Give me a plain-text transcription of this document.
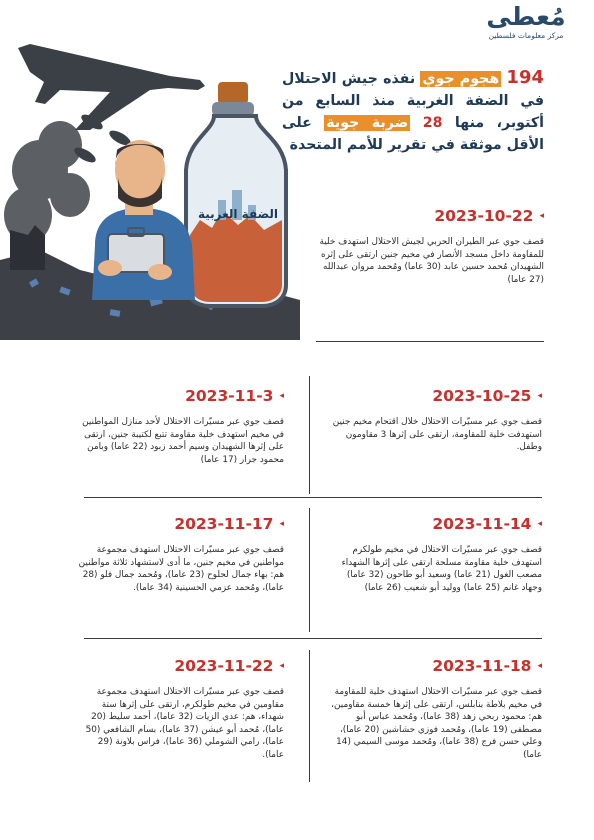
مُعطى
مركز معلومات فلسطين
194 هجوم جوي نفذه جيش الاحتلال في الضفة الغربية منذ السابع من أكتوبر، منها 28 ضربة جوية على الأقل موثقة في تقرير للأمم المتحدة
الضفة الغربية	◂
2023-10-22
قصف جوي عبر الطيران الحربي لجيش الاحتلال استهدف خلية للمقاومة داخل مسجد الأنصار في مخيم جنين ارتقى على إثره الشهيدان مُحمد حسين عابد (30 عاما) ومُحمد مروان عبدالله (27 عاما)
◂
2023-10-25
قصف جوي عبر مسيّرات الاحتلال خلال اقتحام مخيم جنين استهدفت خلية للمقاومة، ارتقى على إثرها 3 مقاومون وطفل.
◂
2023-11-3
قصف جوي عبر مسيّرات الاحتلال لأحد منازل المواطنين في مخيم استهدف خلية مقاومة تتبع لكتيبة جنين، ارتقى على إثرها الشهيدان وسيم أحمد زبود (22 عاما) وبامن محمود جرار (17 عاما)
◂
2023-11-14
قصف جوي عبر مسيّرات الاحتلال في مخيم طولكرم استهدف خلية مقاومة مسلحة ارتقى على إثرها الشهداء مصعب الغول (21 عاما) وسعيد أبو طاحون (32 عاما) وجهاد غانم (25 عاما) ووليد أبو شعيب (26 عاما)
◂
2023-11-17
قصف جوي عبر مسيّرات الاحتلال استهدف مجموعة مواطنين في مخيم جنين، ما أدى لاستشهاد ثلاثة مواطنين هم: بهاء جمال لحلوح (23 عاما)، ومُحمد جمال فلو (28 عاما)، ومُحمد عزمي الحسينية (34 عاما).
◂
2023-11-18
قصف جوي عبر مسيّرات الاحتلال استهدف خلية للمقاومة في مخيم بلاطة بنابلس، ارتقى على إثرها خمسة مقاومين، هم: محمود ربحي زهد (38 عاما)، ومُحمد عباس أبو مصطفى (19 عاما)، ومُحمد فوزي حشاشين (20 عاما)، وعلي حسن فرج (38 عاما)، ومُحمد موسى السيمي (14 عاما)
◂
2023-11-22
قصف جوي عبر مسيّرات الاحتلال استهدف مجموعة مقاومين في مخيم طولكرم، ارتقى على إثرها ستة شهداء، هم: عدي الزيات (32 عاما)، أحمد سليط (20 عاما)، مُحمد أبو عيشن (37 عاما)، بسام الشافعي (50 عاما)، رامي الشوملي (36 عاما)، فراس بلاونة (29 عاما).
